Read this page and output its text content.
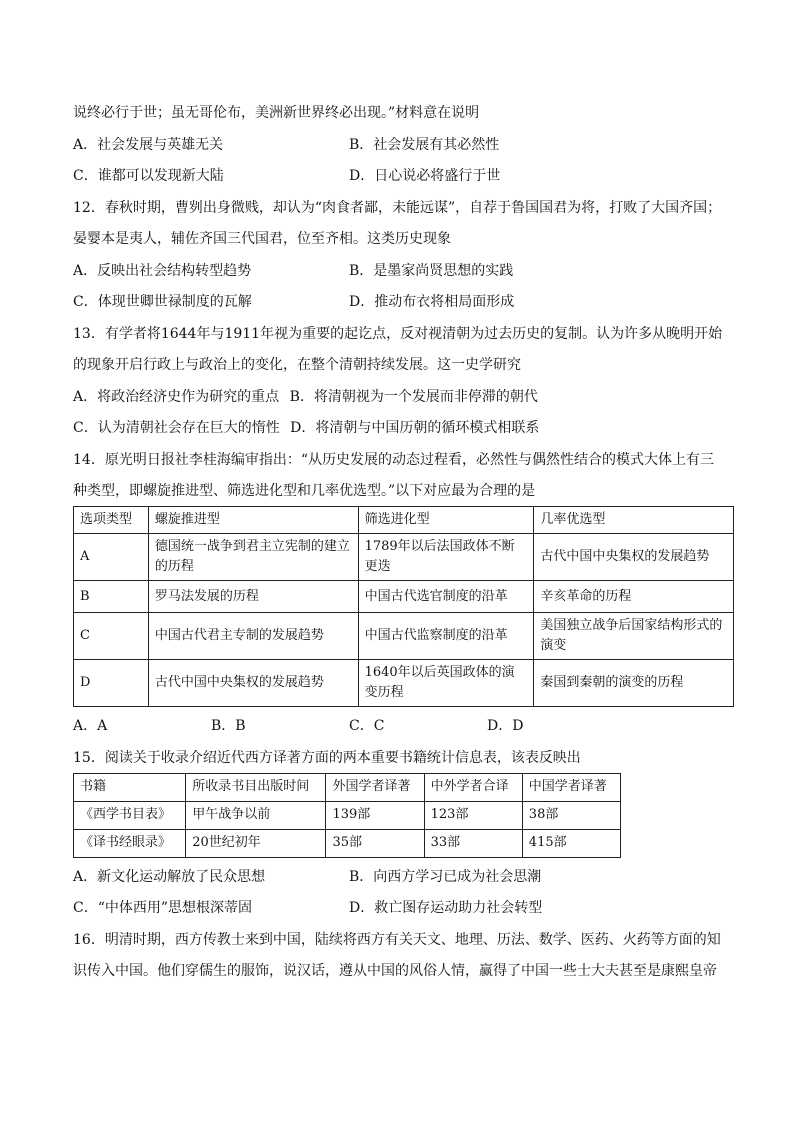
说终必行于世；虽无哥伦布，美洲新世界终必出现。”材料意在说明
A．社会发展与英雄无关	B．社会发展有其必然性
C．谁都可以发现新大陆	D．日心说必将盛行于世
12．春秋时期，曹刿出身微贱，却认为“肉食者鄙，未能远谋”，自荐于鲁国国君为将，打败了大国齐国；
晏婴本是夷人，辅佐齐国三代国君，位至齐相。这类历史现象
A．反映出社会结构转型趋势	B．是墨家尚贤思想的实践
C．体现世卿世禄制度的瓦解	D．推动布衣将相局面形成
13．有学者将1644年与1911年视为重要的起讫点，反对视清朝为过去历史的复制。认为许多从晚明开始
的现象开启行政上与政治上的变化，在整个清朝持续发展。这一史学研究
A．将政治经济史作为研究的重点 B．将清朝视为一个发展而非停滞的朝代
C．认为清朝社会存在巨大的惰性 D．将清朝与中国历朝的循环模式相联系
14．原光明日报社李桂海编审指出：“从历史发展的动态过程看，必然性与偶然性结合的模式大体上有三
种类型，即螺旋推进型、筛选进化型和几率优选型。”以下对应最为合理的是
选项类型	螺旋推进型	筛选进化型	几率优选型
A	德国统一战争到君主立宪制的建立的历程	1789年以后法国政体不断更迭	古代中国中央集权的发展趋势
B	罗马法发展的历程	中国古代选官制度的沿革	辛亥革命的历程
C	中国古代君主专制的发展趋势	中国古代监察制度的沿革	美国独立战争后国家结构形式的演变
D	古代中国中央集权的发展趋势	1640年以后英国政体的演变历程	秦国到秦朝的演变的历程
A．A	B．B	C．C	D．D
15．阅读关于收录介绍近代西方译著方面的两本重要书籍统计信息表，该表反映出
书籍	所收录书目出版时间	外国学者译著	中外学者合译	中国学者译著
《西学书目表》	甲午战争以前	139部	123部	38部
《译书经眼录》	20世纪初年	35部	33部	415部
A．新文化运动解放了民众思想	B．向西方学习已成为社会思潮
C．“中体西用”思想根深蒂固	D．救亡图存运动助力社会转型
16．明清时期，西方传教士来到中国，陆续将西方有关天文、地理、历法、数学、医药、火药等方面的知
识传入中国。他们穿儒生的服饰，说汉话，遵从中国的风俗人情，赢得了中国一些士大夫甚至是康熙皇帝
